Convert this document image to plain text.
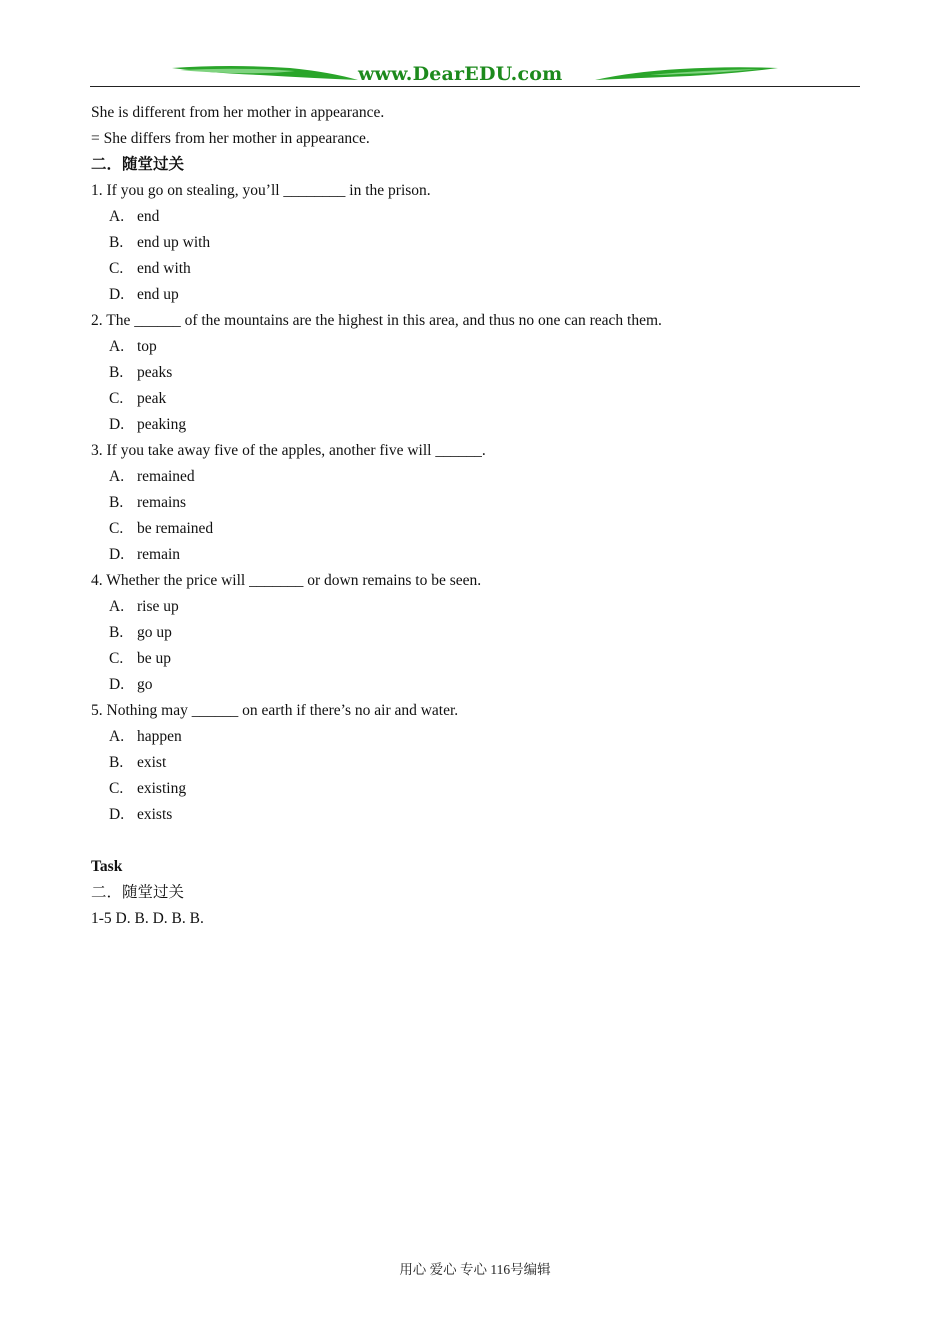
www.DearEDU.com
She is different from her mother in appearance.
= She differs from her mother in appearance.
二．随堂过关
1. If you go on stealing, you’ll ________ in the prison.
A. end
B. end up with
C. end with
D. end up
2. The ______ of the mountains are the highest in this area, and thus no one can reach them.
A. top
B. peaks
C. peak
D. peaking
3. If you take away five of the apples, another five will ______.
A. remained
B. remains
C. be remained
D. remain
4. Whether the price will _______ or down remains to be seen.
A. rise up
B. go up
C. be up
D. go
5. Nothing may ______ on earth if there’s no air and water.
A. happen
B. exist
C. existing
D. exists
Task
二．随堂过关
1-5 D. B. D. B. B.
用心 爱心 专心 116号编辑
